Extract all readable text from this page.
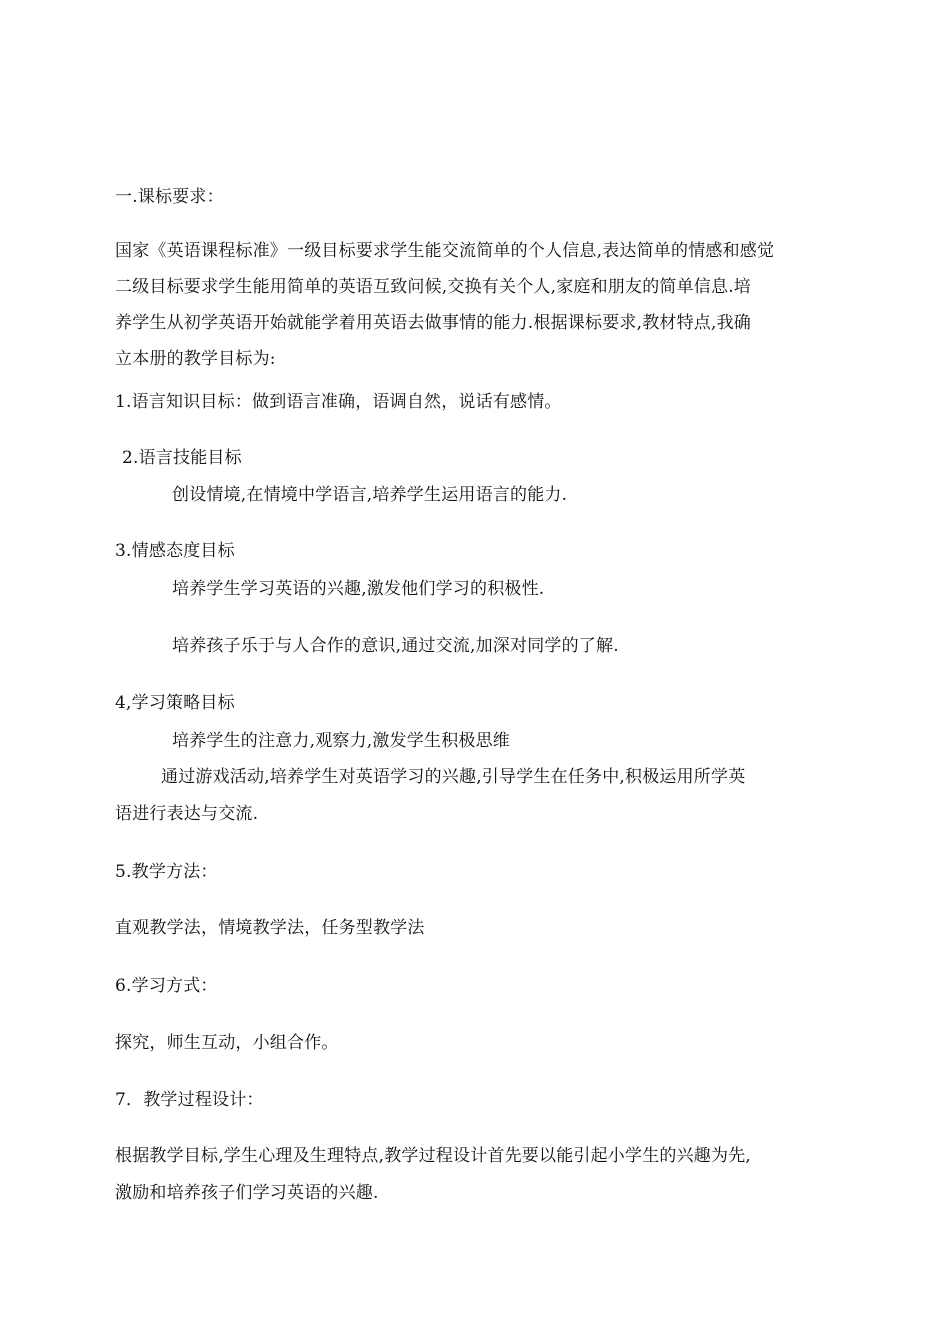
一.课标要求：
国家《英语课程标准》一级目标要求学生能交流简单的个人信息,表达简单的情感和感觉
二级目标要求学生能用简单的英语互致问候,交换有关个人,家庭和朋友的简单信息.培
养学生从初学英语开始就能学着用英语去做事情的能力.根据课标要求,教材特点,我确
立本册的教学目标为:
1.语言知识目标：做到语言准确，语调自然，说话有感情。
2.语言技能目标
创设情境,在情境中学语言,培养学生运用语言的能力.
3.情感态度目标
培养学生学习英语的兴趣,激发他们学习的积极性.
培养孩子乐于与人合作的意识,通过交流,加深对同学的了解.
4,学习策略目标
培养学生的注意力,观察力,激发学生积极思维
通过游戏活动,培养学生对英语学习的兴趣,引导学生在任务中,积极运用所学英
语进行表达与交流.
5.教学方法：
直观教学法，情境教学法，任务型教学法
6.学习方式：
探究，师生互动，小组合作。
7．教学过程设计：
根据教学目标,学生心理及生理特点,教学过程设计首先要以能引起小学生的兴趣为先,
激励和培养孩子们学习英语的兴趣.
